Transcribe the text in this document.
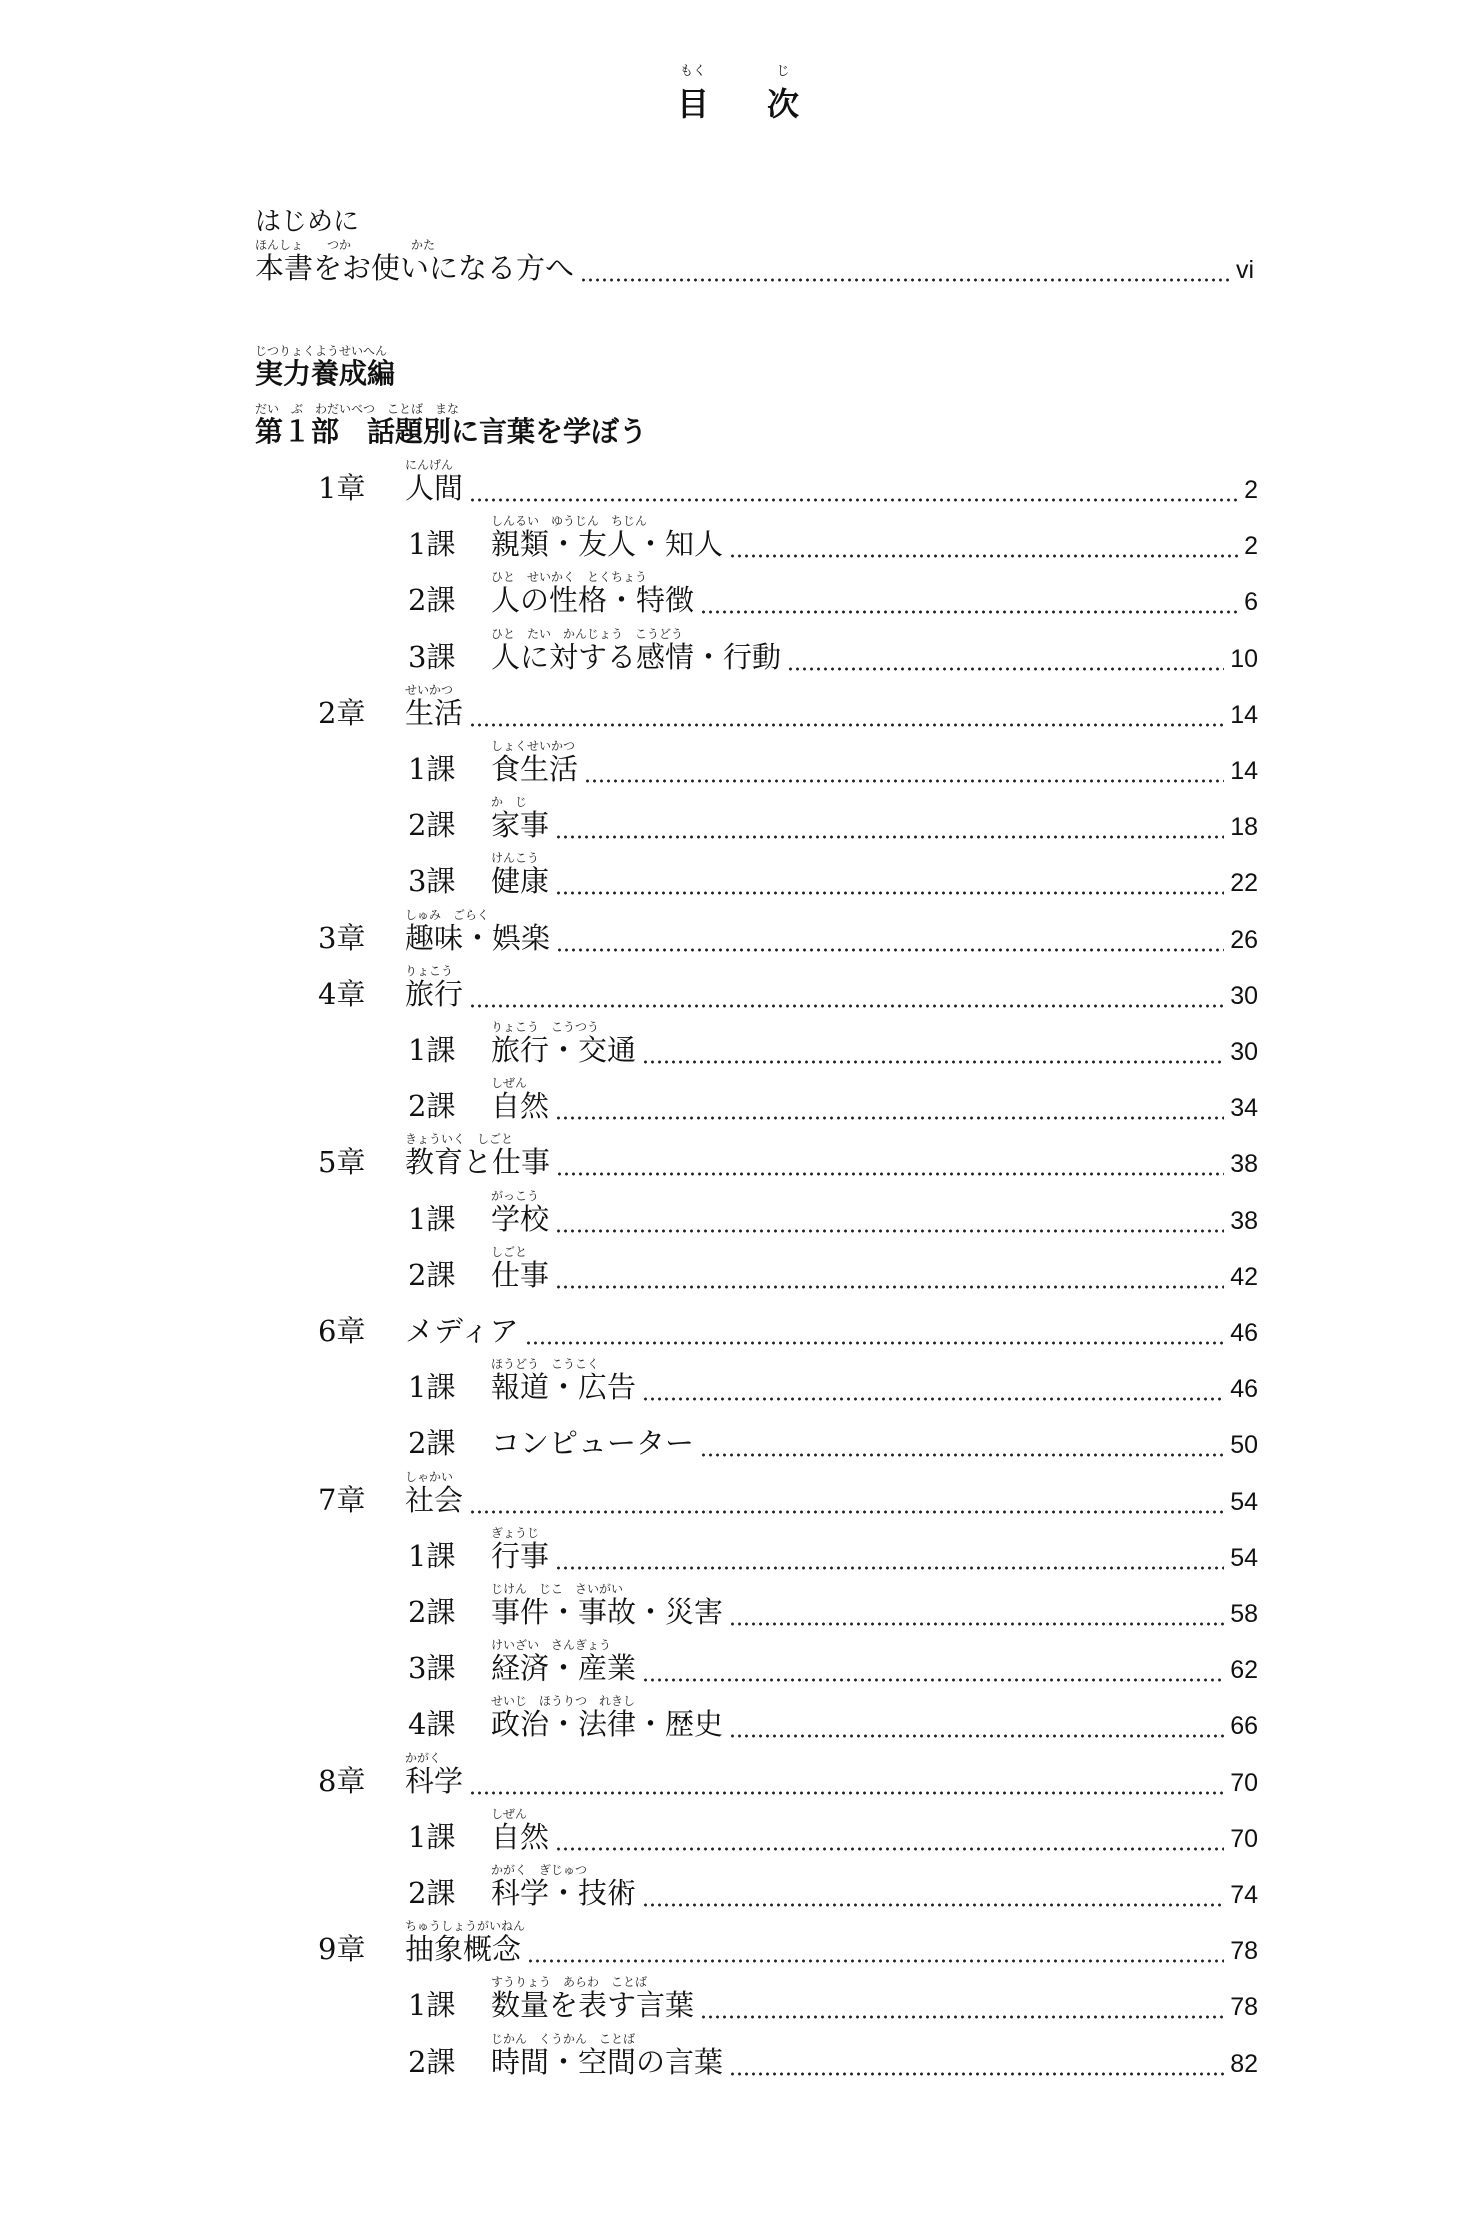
もく	じ
目 次
はじめに
ほんしょ　　つか　　　　　かた
本書をお使いになる方へ	vi
じつりょくようせいへん
実力養成編
だい　ぶ　わだいべつ　ことば　まな
第１部　話題別に言葉を学ぼう
にんげん
1章 人間	2
しんるい　ゆうじん　ちじん
1課 親類・友人・知人	2
ひと　せいかく　とくちょう
2課 人の性格・特徴	6
ひと　たい　かんじょう　こうどう
3課 人に対する感情・行動	10
せいかつ
2章 生活	14
しょくせいかつ
1課 食生活	14
か　じ
2課 家事	18
けんこう
3課 健康	22
しゅみ　ごらく
3章 趣味・娯楽	26
りょこう
4章 旅行	30
りょこう　こうつう
1課 旅行・交通	30
しぜん
2課 自然	34
きょういく　しごと
5章 教育と仕事	38
がっこう
1課 学校	38
しごと
2課 仕事	42
6章 メディア	46
ほうどう　こうこく
1課 報道・広告	46
2課 コンピューター	50
しゃかい
7章 社会	54
ぎょうじ
1課 行事	54
じけん　じこ　さいがい
2課 事件・事故・災害	58
けいざい　さんぎょう
3課 経済・産業	62
せいじ　ほうりつ　れきし
4課 政治・法律・歴史	66
かがく
8章 科学	70
しぜん
1課 自然	70
かがく　ぎじゅつ
2課 科学・技術	74
ちゅうしょうがいねん
9章 抽象概念	78
すうりょう　あらわ　ことば
1課 数量を表す言葉	78
じかん　くうかん　ことば
2課 時間・空間の言葉	82
